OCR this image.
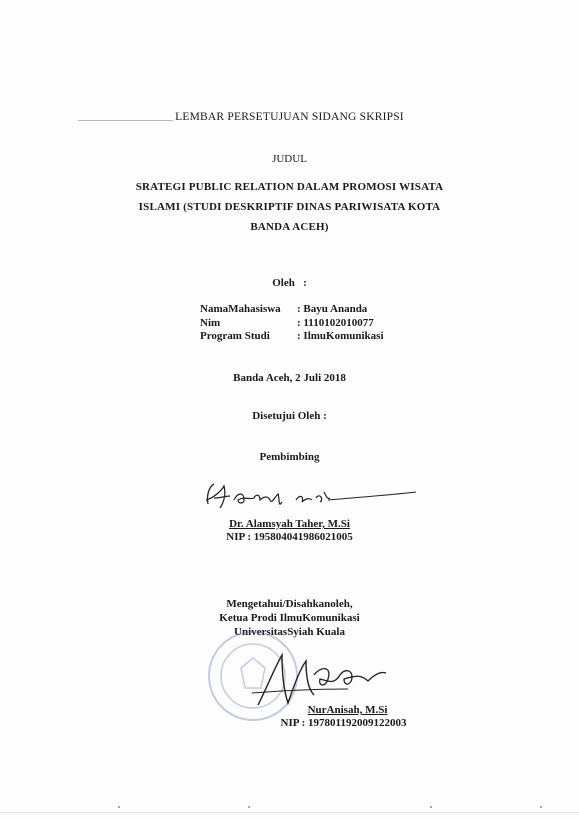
LEMBAR PERSETUJUAN SIDANG SKRIPSI
JUDUL
SRATEGI PUBLIC RELATION DALAM PROMOSI WISATA
ISLAMI (STUDI DESKRIPTIF DINAS PARIWISATA KOTA
BANDA ACEH)
Oleh   :
NamaMahasiswa	: Bayu Ananda
Nim	: 1110102010077
Program Studi	: IlmuKomunikasi
Banda Aceh, 2 Juli 2018
Disetujui Oleh :
Pembimbing
Dr. Alamsyah Taher, M.Si
NIP : 195804041986021005
Mengetahui/Disahkanoleh,
Ketua Prodi IlmuKomunikasi
UniversitasSyiah Kuala
NurAnisah, M.Si
NIP : 197801192009122003
